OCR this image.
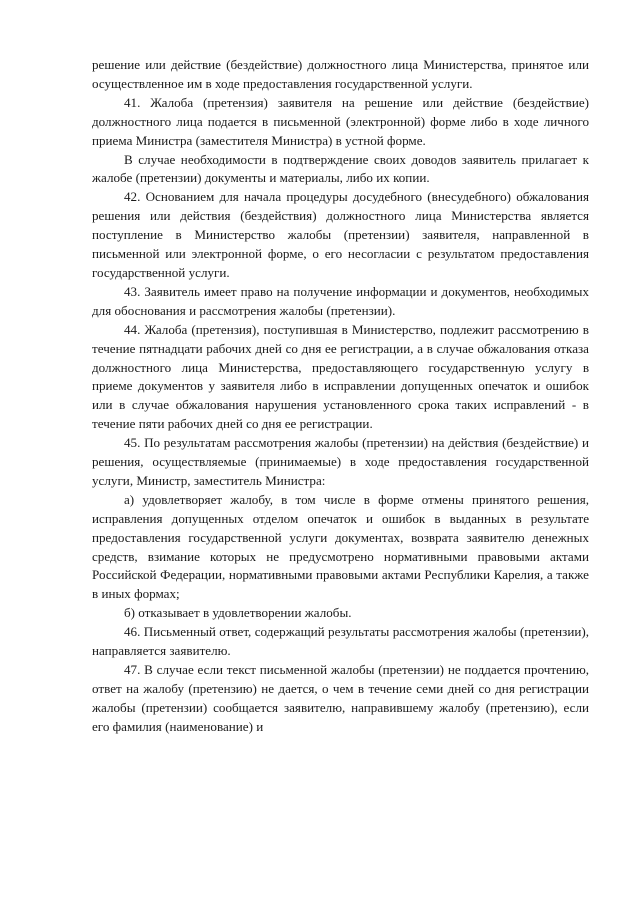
решение или действие (бездействие) должностного лица Министерства, принятое или осуществленное им в ходе предоставления государственной услуги.

41. Жалоба (претензия) заявителя на решение или действие (бездействие) должностного лица подается в письменной (электронной) форме либо в ходе личного приема Министра (заместителя Министра) в устной форме.

В случае необходимости в подтверждение своих доводов заявитель прилагает к жалобе (претензии) документы и материалы, либо их копии.

42. Основанием для начала процедуры досудебного (внесудебного) обжалования решения или действия (бездействия) должностного лица Министерства является поступление в Министерство жалобы (претензии) заявителя, направленной в письменной или электронной форме, о его несогласии с результатом предоставления государственной услуги.

43. Заявитель имеет право на получение информации и документов, необходимых для обоснования и рассмотрения жалобы (претензии).

44. Жалоба (претензия), поступившая в Министерство, подлежит рассмотрению в течение пятнадцати рабочих дней со дня ее регистрации, а в случае обжалования отказа должностного лица Министерства, предоставляющего государственную услугу в приеме документов у заявителя либо в исправлении допущенных опечаток и ошибок или в случае обжалования нарушения установленного срока таких исправлений - в течение пяти рабочих дней со дня ее регистрации.

45. По результатам рассмотрения жалобы (претензии) на действия (бездействие) и решения, осуществляемые (принимаемые) в ходе предоставления государственной услуги, Министр, заместитель Министра:

а) удовлетворяет жалобу, в том числе в форме отмены принятого решения, исправления допущенных отделом опечаток и ошибок в выданных в результате предоставления государственной услуги документах, возврата заявителю денежных средств, взимание которых не предусмотрено нормативными правовыми актами Российской Федерации, нормативными правовыми актами Республики Карелия, а также в иных формах;

б) отказывает в удовлетворении жалобы.

46. Письменный ответ, содержащий результаты рассмотрения жалобы (претензии), направляется заявителю.

47. В случае если текст письменной жалобы (претензии) не поддается прочтению, ответ на жалобу (претензию) не дается, о чем в течение семи дней со дня регистрации жалобы (претензии) сообщается заявителю, направившему жалобу (претензию), если его фамилия (наименование) и
